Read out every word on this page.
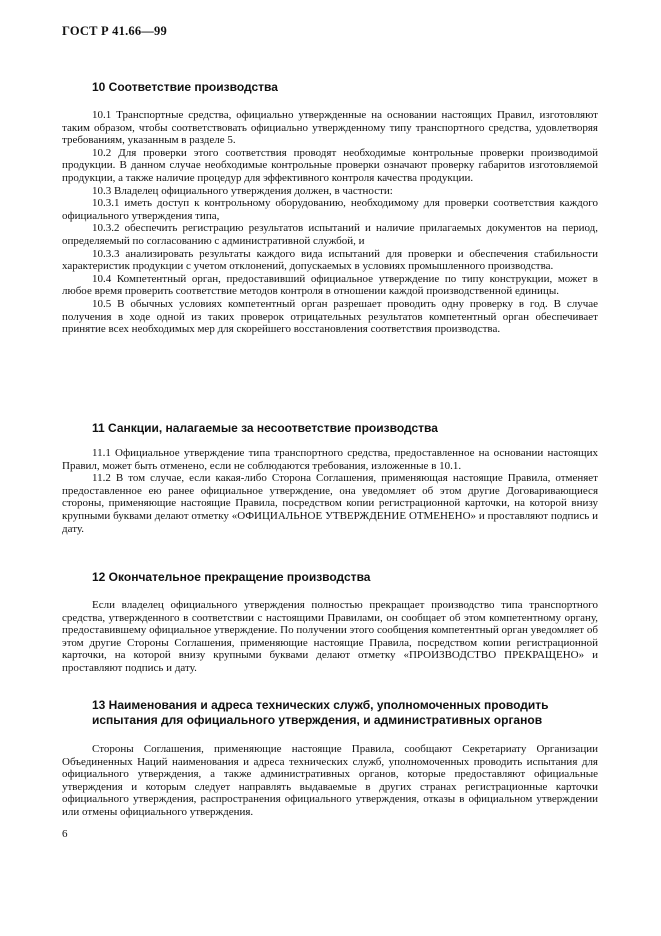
ГОСТ Р 41.66—99
10 Соответствие производства

10.1 Транспортные средства, официально утвержденные на основании настоящих Правил, изготовляют таким образом, чтобы соответствовать официально утвержденному типу транспортного средства, удовлетворяя требованиям, указанным в разделе 5.

10.2 Для проверки этого соответствия проводят необходимые контрольные проверки производимой продукции. В данном случае необходимые контрольные проверки означают проверку габаритов изготовляемой продукции, а также наличие процедур для эффективного контроля качества продукции.

10.3 Владелец официального утверждения должен, в частности:

10.3.1 иметь доступ к контрольному оборудованию, необходимому для проверки соответствия каждого официального утверждения типа,

10.3.2 обеспечить регистрацию результатов испытаний и наличие прилагаемых документов на период, определяемый по согласованию с административной службой, и

10.3.3 анализировать результаты каждого вида испытаний для проверки и обеспечения стабильности характеристик продукции с учетом отклонений, допускаемых в условиях промышленного производства.

10.4 Компетентный орган, предоставивший официальное утверждение по типу конструкции, может в любое время проверить соответствие методов контроля в отношении каждой производственной единицы.

10.5 В обычных условиях компетентный орган разрешает проводить одну проверку в год. В случае получения в ходе одной из таких проверок отрицательных результатов компетентный орган обеспечивает принятие всех необходимых мер для скорейшего восстановления соответствия производства.

11 Санкции, налагаемые за несоответствие производства

11.1 Официальное утверждение типа транспортного средства, предоставленное на основании настоящих Правил, может быть отменено, если не соблюдаются требования, изложенные в 10.1.

11.2 В том случае, если какая-либо Сторона Соглашения, применяющая настоящие Правила, отменяет предоставленное ею ранее официальное утверждение, она уведомляет об этом другие Договаривающиеся стороны, применяющие настоящие Правила, посредством копии регистрационной карточки, на которой внизу крупными буквами делают отметку «ОФИЦИАЛЬНОЕ УТВЕРЖДЕНИЕ ОТМЕНЕНО» и проставляют подпись и дату.

12 Окончательное прекращение производства

Если владелец официального утверждения полностью прекращает производство типа транспортного средства, утвержденного в соответствии с настоящими Правилами, он сообщает об этом компетентному органу, предоставившему официальное утверждение. По получении этого сообщения компетентный орган уведомляет об этом другие Стороны Соглашения, применяющие настоящие Правила, посредством копии регистрационной карточки, на которой внизу крупными буквами делают отметку «ПРОИЗВОДСТВО ПРЕКРАЩЕНО» и проставляют подпись и дату.

13 Наименования и адреса технических служб, уполномоченных проводить испытания для официального утверждения, и административных органов

Стороны Соглашения, применяющие настоящие Правила, сообщают Секретариату Организации Объединенных Наций наименования и адреса технических служб, уполномоченных проводить испытания для официального утверждения, а также административных органов, которые предоставляют официальные утверждения и которым следует направлять выдаваемые в других странах регистрационные карточки официального утверждения, распространения официального утверждения, отказы в официальном утверждении или отмены официального утверждения.

6
